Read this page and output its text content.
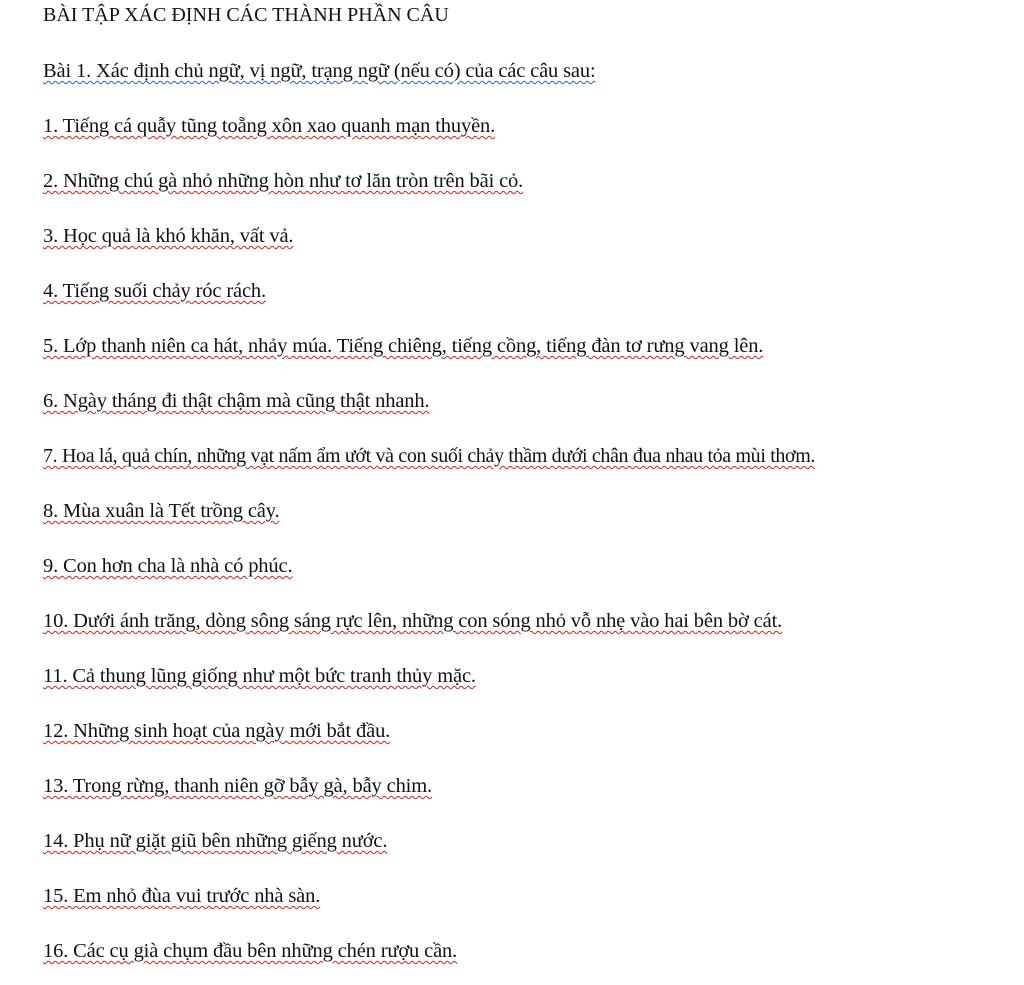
BÀI TẬP XÁC ĐỊNH CÁC THÀNH PHẦN CÂU
Bài 1. Xác định chủ ngữ, vị ngữ, trạng ngữ (nếu có) của các câu sau:
1. Tiếng cá quẫy tũng toẵng xôn xao quanh mạn thuyền.
2. Những chú gà nhỏ những hòn như tơ lăn tròn trên bãi cỏ.
3. Học quả là khó khăn, vất vả.
4. Tiếng suối chảy róc rách.
5. Lớp thanh niên ca hát, nhảy múa. Tiếng chiêng, tiếng cồng, tiếng đàn tơ rưng vang lên.
6. Ngày tháng đi thật chậm mà cũng thật nhanh.
7. Hoa lá, quả chín, những vạt nấm ẩm ướt và con suối chảy thầm dưới chân đua nhau tỏa mùi thơm.
8. Mùa xuân là Tết trồng cây.
9. Con hơn cha là nhà có phúc.
10. Dưới ánh trăng, dòng sông sáng rực lên, những con sóng nhỏ vỗ nhẹ vào hai bên bờ cát.
11. Cả thung lũng giống như một bức tranh thủy mặc.
12. Những sinh hoạt của ngày mới bắt đầu.
13. Trong rừng, thanh niên gỡ bẫy gà, bẫy chim.
14. Phụ nữ giặt giũ bên những giếng nước.
15. Em nhỏ đùa vui trước nhà sàn.
16. Các cụ già chụm đầu bên những chén rượu cần.
